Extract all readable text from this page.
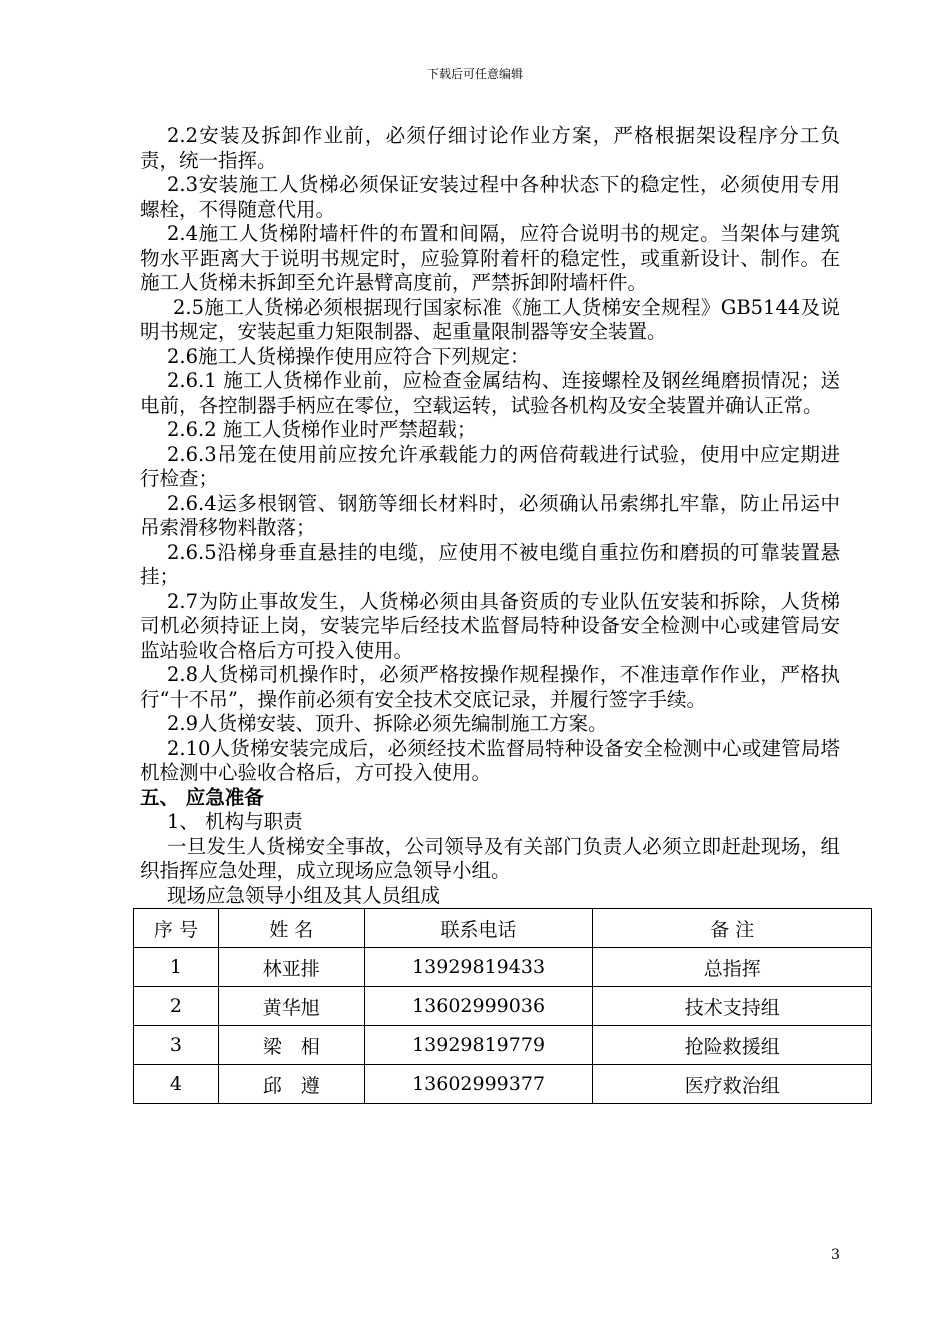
下载后可任意编辑

2.2安装及拆卸作业前，必须仔细讨论作业方案，严格根据架设程序分工负责，统一指挥。

2.3安装施工人货梯必须保证安装过程中各种状态下的稳定性，必须使用专用螺栓，不得随意代用。

2.4施工人货梯附墙杆件的布置和间隔，应符合说明书的规定。当架体与建筑物水平距离大于说明书规定时，应验算附着杆的稳定性，或重新设计、制作。在施工人货梯未拆卸至允许悬臂高度前，严禁拆卸附墙杆件。

2.5施工人货梯必须根据现行国家标准《施工人货梯安全规程》GB5144及说明书规定，安装起重力矩限制器、起重量限制器等安全装置。

2.6施工人货梯操作使用应符合下列规定：

2.6.1 施工人货梯作业前，应检查金属结构、连接螺栓及钢丝绳磨损情况；送电前，各控制器手柄应在零位，空载运转，试验各机构及安全装置并确认正常。

2.6.2 施工人货梯作业时严禁超载；

2.6.3吊笼在使用前应按允许承载能力的两倍荷载进行试验，使用中应定期进行检查；

2.6.4运多根钢管、钢筋等细长材料时，必须确认吊索绑扎牢靠，防止吊运中吊索滑移物料散落；

2.6.5沿梯身垂直悬挂的电缆，应使用不被电缆自重拉伤和磨损的可靠装置悬挂；

2.7为防止事故发生，人货梯必须由具备资质的专业队伍安装和拆除，人货梯司机必须持证上岗，安装完毕后经技术监督局特种设备安全检测中心或建管局安监站验收合格后方可投入使用。

2.8人货梯司机操作时，必须严格按操作规程操作，不准违章作作业，严格执行“十不吊”，操作前必须有安全技术交底记录，并履行签字手续。

2.9人货梯安装、顶升、拆除必须先编制施工方案。

2.10人货梯安装完成后，必须经技术监督局特种设备安全检测中心或建管局塔机检测中心验收合格后，方可投入使用。

五、 应急准备

1、 机构与职责

一旦发生人货梯安全事故，公司领导及有关部门负责人必须立即赶赴现场，组织指挥应急处理，成立现场应急领导小组。

现场应急领导小组及其人员组成

序 号	姓 名	联系电话	备 注
1	林亚排	13929819433	总指挥
2	黄华旭	13602999036	技术支持组
3	梁　相	13929819779	抢险救援组
4	邱　遵	13602999377	医疗救治组
3
